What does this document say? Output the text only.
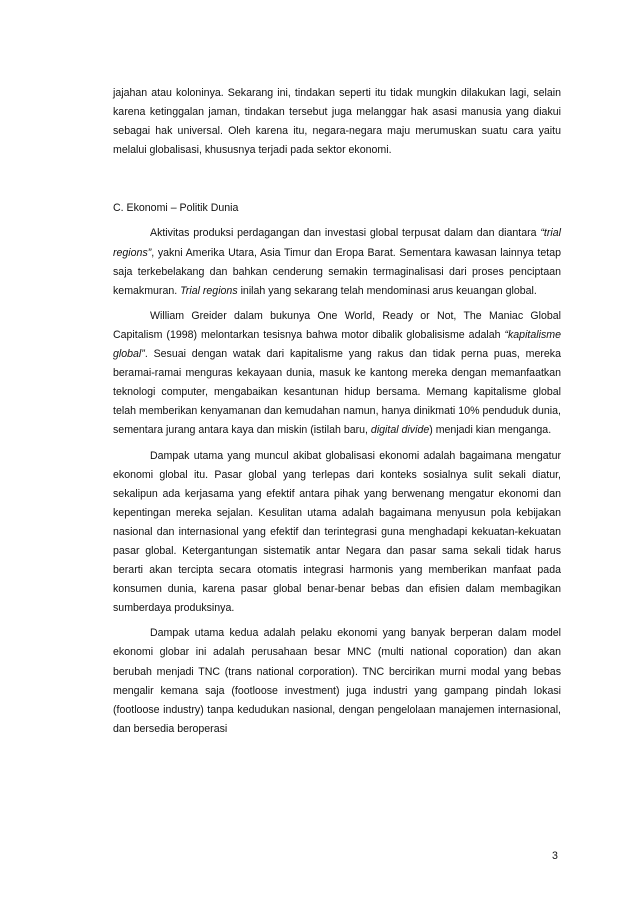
jajahan atau koloninya. Sekarang ini, tindakan seperti itu tidak mungkin dilakukan lagi, selain karena ketinggalan jaman, tindakan tersebut juga melanggar hak asasi manusia yang diakui sebagai hak universal. Oleh karena itu, negara-negara maju merumuskan suatu cara yaitu melalui globalisasi, khususnya terjadi pada sektor ekonomi.

C. Ekonomi – Politik Dunia

Aktivitas produksi perdagangan dan investasi global terpusat dalam dan diantara “trial regions”, yakni Amerika Utara, Asia Timur dan Eropa Barat. Sementara kawasan lainnya tetap saja terkebelakang dan bahkan cenderung semakin termaginalisasi dari proses penciptaan kemakmuran. Trial regions inilah yang sekarang telah mendominasi arus keuangan global.

William Greider dalam bukunya One World, Ready or Not, The Maniac Global Capitalism (1998) melontarkan tesisnya bahwa motor dibalik globalisisme adalah “kapitalisme global”. Sesuai dengan watak dari kapitalisme yang rakus dan tidak perna puas, mereka beramai-ramai menguras kekayaan dunia, masuk ke kantong mereka dengan memanfaatkan teknologi computer, mengabaikan kesantunan hidup bersama. Memang kapitalisme global telah memberikan kenyamanan dan kemudahan namun, hanya dinikmati 10% penduduk dunia, sementara jurang antara kaya dan miskin (istilah baru, digital divide) menjadi kian menganga.

Dampak utama yang muncul akibat globalisasi ekonomi adalah bagaimana mengatur ekonomi global itu. Pasar global yang terlepas dari konteks sosialnya sulit sekali diatur, sekalipun ada kerjasama yang efektif antara pihak yang berwenang mengatur ekonomi dan kepentingan mereka sejalan. Kesulitan utama adalah bagaimana menyusun pola kebijakan nasional dan internasional yang efektif dan terintegrasi guna menghadapi kekuatan-kekuatan pasar global. Ketergantungan sistematik antar Negara dan pasar sama sekali tidak harus berarti akan tercipta secara otomatis integrasi harmonis yang memberikan manfaat pada konsumen dunia, karena pasar global benar-benar bebas dan efisien dalam membagikan sumberdaya produksinya.

Dampak utama kedua adalah pelaku ekonomi yang banyak berperan dalam model ekonomi globar ini adalah perusahaan besar MNC (multi national coporation) dan akan berubah menjadi TNC (trans national corporation). TNC bercirikan murni modal yang bebas mengalir kemana saja (footloose investment) juga industri yang gampang pindah lokasi (footloose industry) tanpa kedudukan nasional, dengan pengelolaan manajemen internasional, dan bersedia beroperasi

3
